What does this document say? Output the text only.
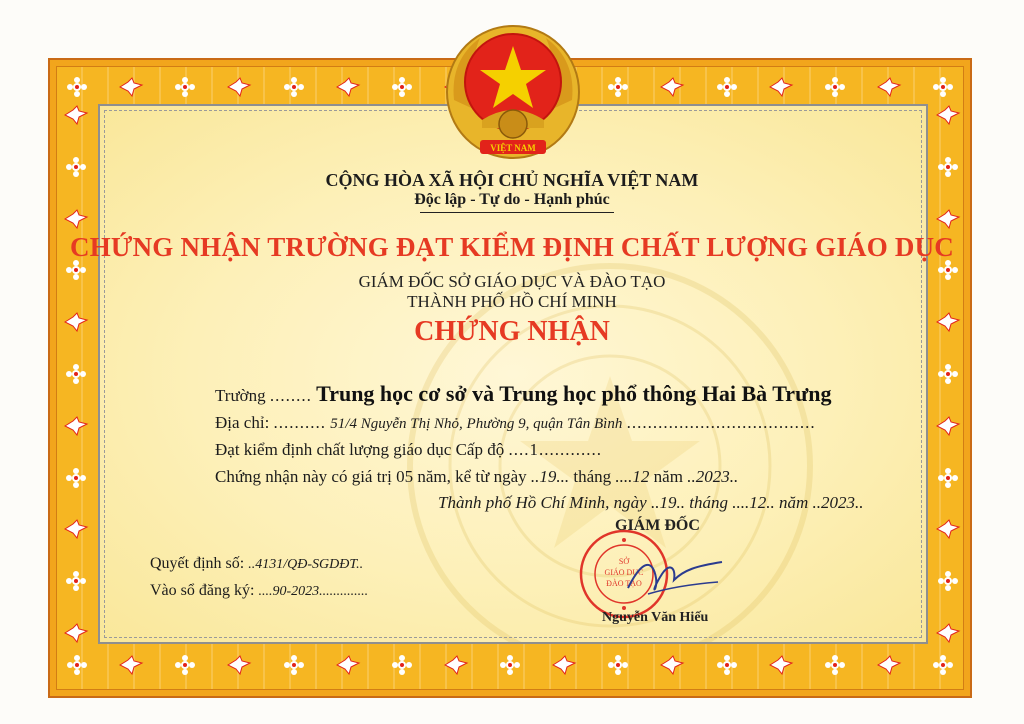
VIỆT NAM
CỘNG HÒA XÃ HỘI CHỦ NGHĨA VIỆT NAM
Độc lập - Tự do - Hạnh phúc
CHỨNG NHẬN TRƯỜNG ĐẠT KIỂM ĐỊNH CHẤT LƯỢNG GIÁO DỤC
GIÁM ĐỐC SỞ GIÁO DỤC VÀ ĐÀO TẠO
THÀNH PHỐ HỒ CHÍ MINH
CHỨNG NHẬN
Trường ........ Trung học cơ sở và Trung học phổ thông Hai Bà Trưng
Địa chỉ: .......... 51/4 Nguyễn Thị Nhỏ, Phường 9, quận Tân Bình ....................................
Đạt kiểm định chất lượng giáo dục Cấp độ ....1............
Chứng nhận này có giá trị 05 năm, kể từ ngày ..19... tháng ....12 năm ..2023..
Thành phố Hồ Chí Minh, ngày ..19.. tháng ....12.. năm ..2023..
GIÁM ĐỐC
Quyết định số: ..4131/QĐ-SGDĐT..
Vào sổ đăng ký: ....90-2023..............
SỞ
GIÁO DỤC
ĐÀO TẠO
Nguyễn Văn Hiếu
